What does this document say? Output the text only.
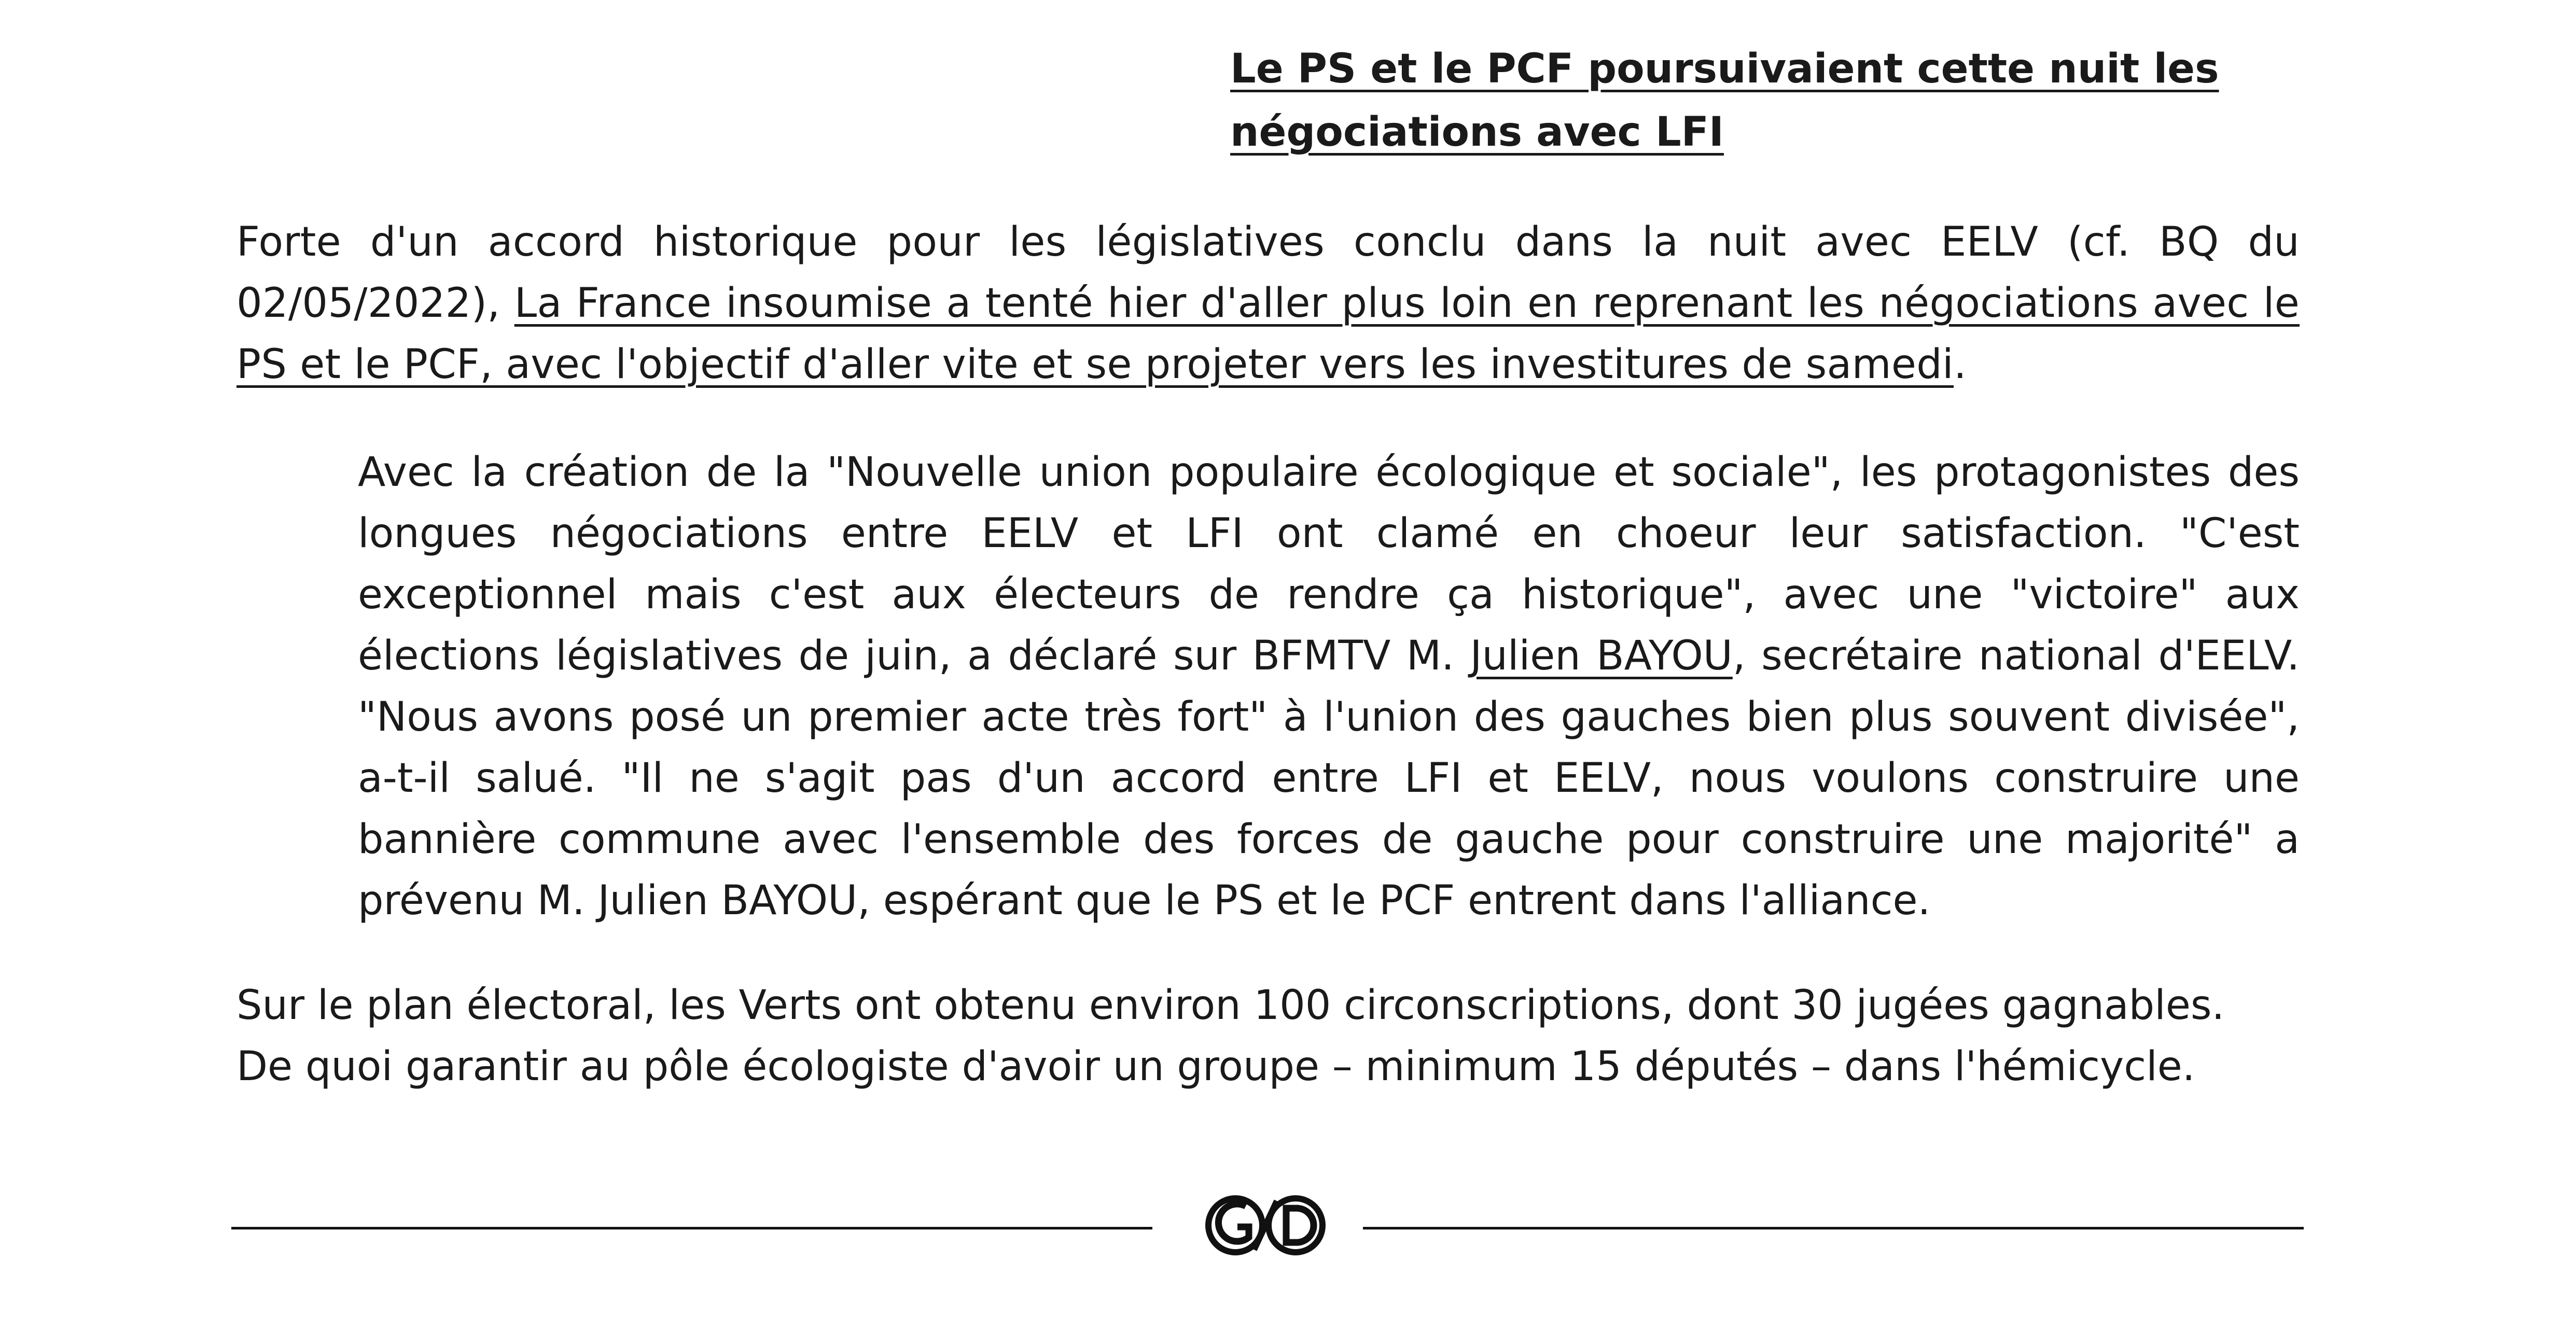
Le PS et le PCF poursuivaient cette nuit les
négociations avec LFI
Forte d'un accord historique pour les législatives conclu dans la nuit avec EELV (cf. BQ du 02/05/2022), La France insoumise a tenté hier d'aller plus loin en reprenant les négociations avec le PS et le PCF, avec l'objectif d'aller vite et se projeter vers les investitures de samedi.
Avec la création de la "Nouvelle union populaire écologique et sociale", les protagonistes des longues négociations entre EELV et LFI ont clamé en choeur leur satisfaction. "C'est exceptionnel mais c'est aux électeurs de rendre ça historique", avec une "victoire" aux élections législatives de juin, a déclaré sur BFMTV M. Julien BAYOU, secrétaire national d'EELV. "Nous avons posé un premier acte très fort" à l'union des gauches bien plus souvent divisée", a-t-il salué. "Il ne s'agit pas d'un accord entre LFI et EELV, nous voulons construire une bannière commune avec l'ensemble des forces de gauche pour construire une majorité" a prévenu M. Julien BAYOU, espérant que le PS et le PCF entrent dans l'alliance.
Sur le plan électoral, les Verts ont obtenu environ 100 circonscriptions, dont 30 jugées gagnables.
De quoi garantir au pôle écologiste d'avoir un groupe – minimum 15 députés – dans l'hémicycle.
